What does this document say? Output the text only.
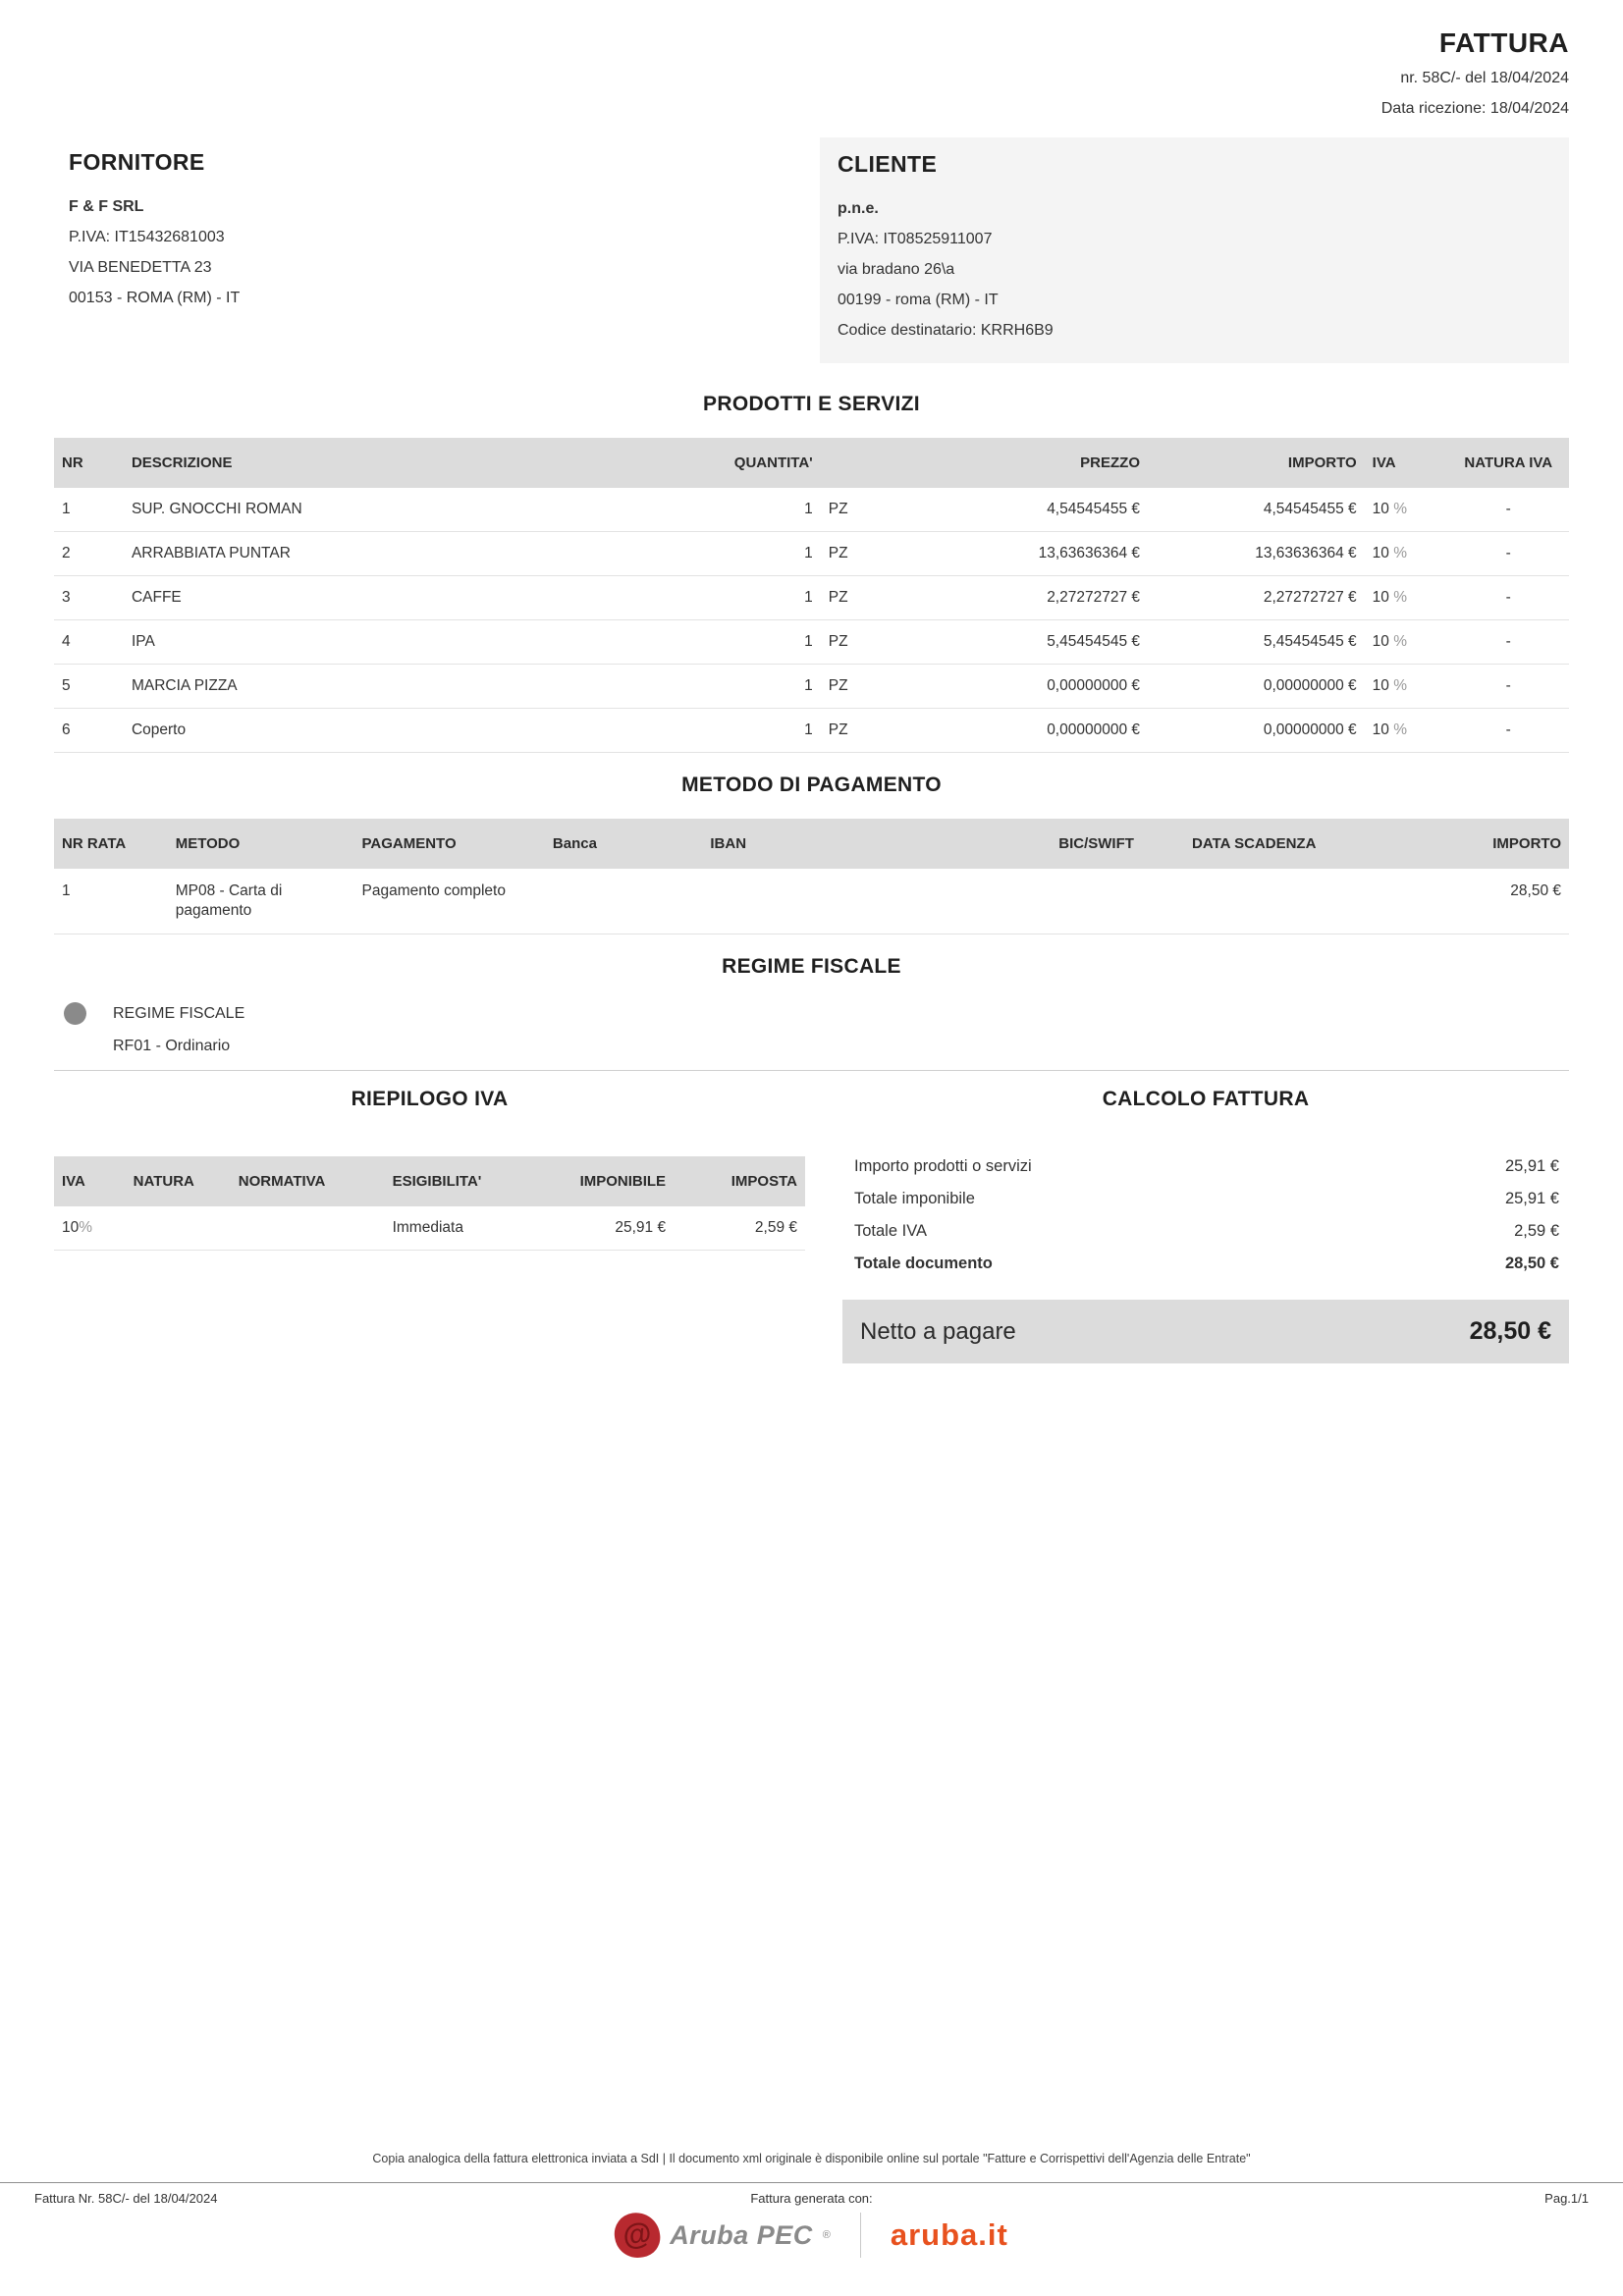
FATTURA
nr. 58C/- del 18/04/2024
Data ricezione: 18/04/2024
FORNITORE
F & F SRL
P.IVA: IT15432681003
VIA BENEDETTA 23
00153 - ROMA (RM) - IT
CLIENTE
p.n.e.
P.IVA: IT08525911007
via bradano 26\a
00199 - roma (RM) - IT
Codice destinatario: KRRH6B9
PRODOTTI E SERVIZI
NR	DESCRIZIONE	QUANTITA'		PREZZO	IMPORTO	IVA	NATURA IVA
1	SUP. GNOCCHI ROMAN	1	PZ	4,54545455 €	4,54545455 €	10 %	-
2	ARRABBIATA PUNTAR	1	PZ	13,63636364 €	13,63636364 €	10 %	-
3	CAFFE	1	PZ	2,27272727 €	2,27272727 €	10 %	-
4	IPA	1	PZ	5,45454545 €	5,45454545 €	10 %	-
5	MARCIA PIZZA	1	PZ	0,00000000 €	0,00000000 €	10 %	-
6	Coperto	1	PZ	0,00000000 €	0,00000000 €	10 %	-
METODO DI PAGAMENTO
NR RATA	METODO	PAGAMENTO	Banca	IBAN	BIC/SWIFT	DATA SCADENZA	IMPORTO
1	MP08 - Carta di pagamento	Pagamento completo					28,50 €
REGIME FISCALE
REGIME FISCALE
RF01 - Ordinario
RIEPILOGO IVA
IVA	NATURA	NORMATIVA	ESIGIBILITA'	IMPONIBILE	IMPOSTA
10%			Immediata	25,91 €	2,59 €
CALCOLO FATTURA
Importo prodotti o servizi	25,91 €
Totale imponibile	25,91 €
Totale IVA	2,59 €
Totale documento	28,50 €
Netto a pagare	28,50 €
Copia analogica della fattura elettronica inviata a SdI | Il documento xml originale è disponibile online sul portale "Fatture e Corrispettivi dell'Agenzia delle Entrate"
Fattura Nr. 58C/- del 18/04/2024	Fattura generata con:	Pag.1/1
@ Aruba PEC ® aruba.it
